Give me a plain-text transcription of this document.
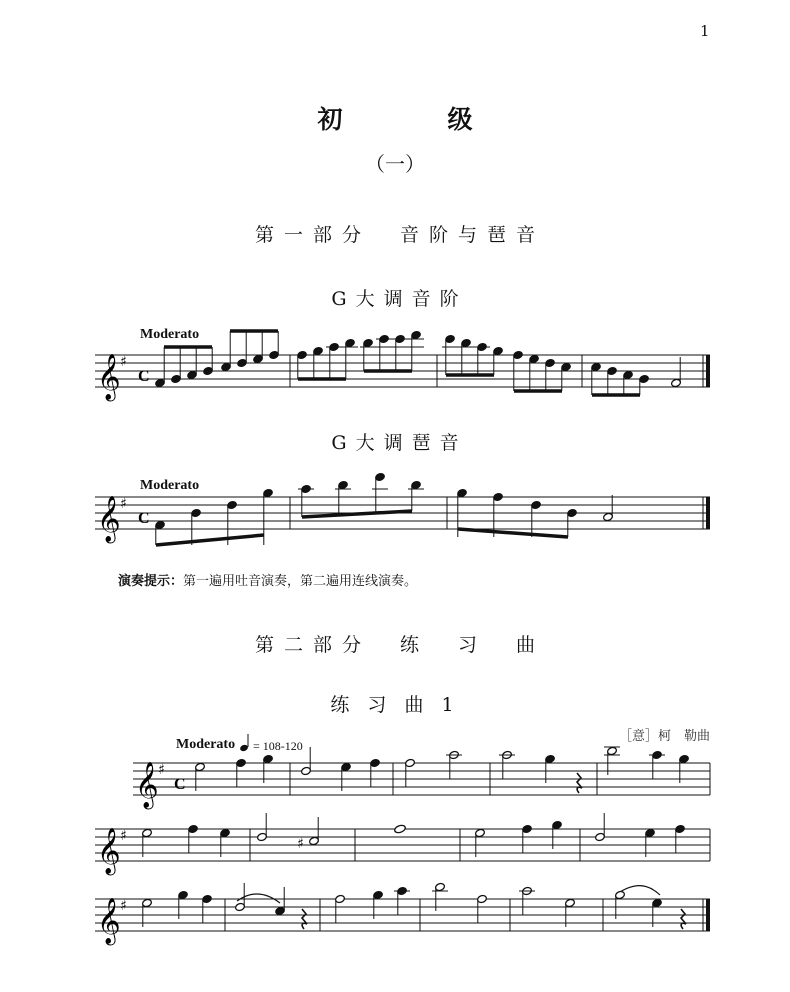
1
初　级
（一）
第一部分　音阶与琶音
G大调音阶
Moderato
G大调琶音
Moderato
演奏提示：第一遍用吐音演奏，第二遍用连线演奏。
第二部分　练　习　曲
练 习 曲 1
［意］柯　勒曲
Moderato = 108-120
𝄞 ♯
C
𝄞 ♯
C
𝄞 ♯
C
𝄞 ♯	♯
𝄞 ♯
